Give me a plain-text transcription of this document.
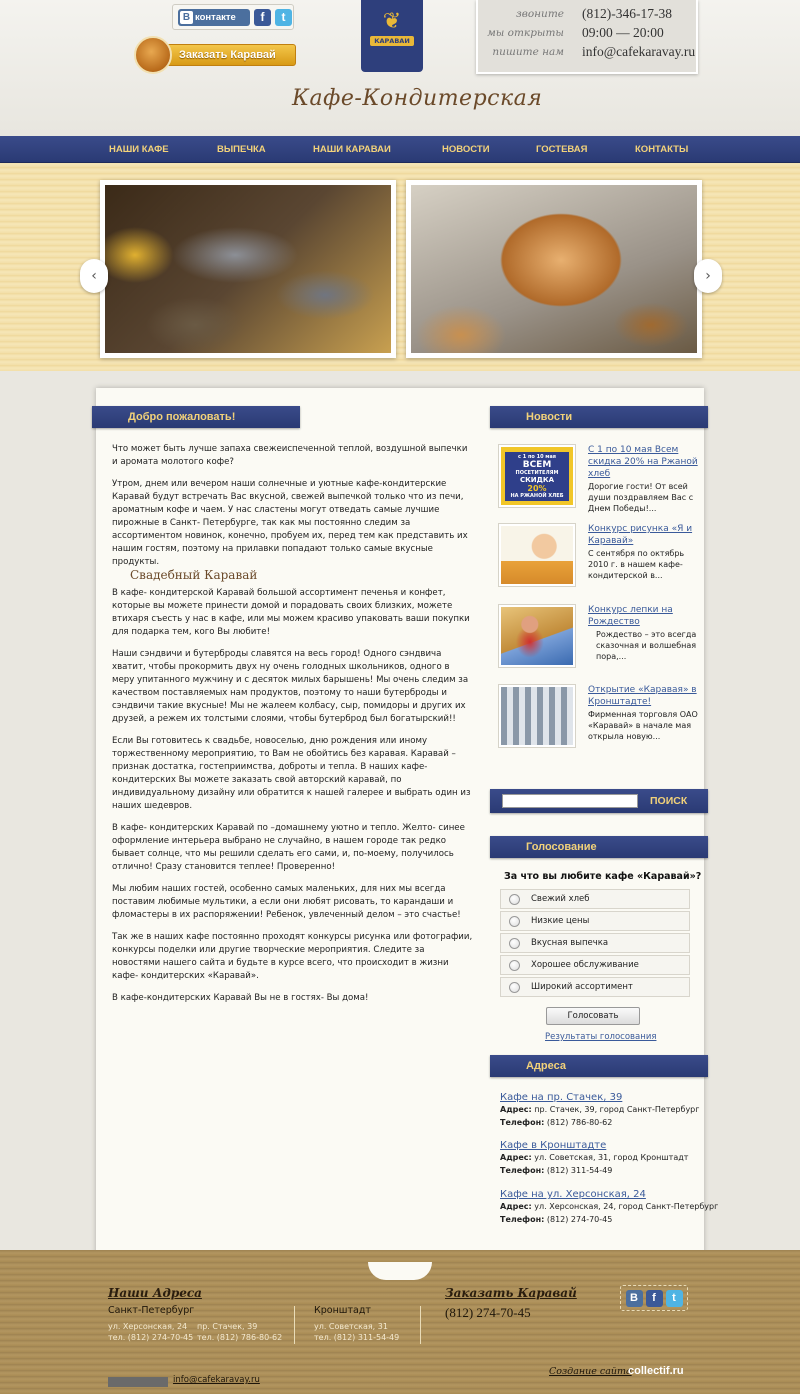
В контакте	f	t
Заказать Каравай
❦
КАРАВАИ
звоните (812)-346-17-38
мы открыты 09:00 — 20:00
пишите нам info@cafekaravay.ru
Кафе-Кондитерская
НАШИ КАФЕ	ВЫПЕЧКА	НАШИ КАРАВАИ	НОВОСТИ	ГОСТЕВАЯ	КОНТАКТЫ
‹	›
Добро пожаловать!

Что может быть лучше запаха свежеиспеченной теплой, воздушной выпечки и аромата молотого кофе?

Утром, днем или вечером наши солнечные и уютные кафе-кондитерские Каравай будут встречать Вас вкусной, свежей выпечкой только что из печи, ароматным кофе и чаем. У нас сластены могут отведать самые лучшие пирожные в Санкт- Петербурге, так как мы постоянно следим за ассортиментом новинок, конечно, пробуем их, перед тем как представить их нашим гостям, поэтому на прилавки попадают только самые вкусные продукты.

Свадебный Каравай

В кафе- кондитерской Каравай большой ассортимент печенья и конфет, которые вы можете принести домой и порадовать своих близких, можете втихаря съесть у нас в кафе, или мы можем красиво упаковать ваши покупки для подарка тем, кого Вы любите!

Наши сэндвичи и бутерброды славятся на весь город! Одного сэндвича хватит, чтобы прокормить двух ну очень голодных школьников, одного в меру упитанного мужчину и с десяток милых барышень! Мы очень следим за качеством поставляемых нам продуктов, поэтому то наши бутерброды и сэндвичи такие вкусные! Мы не жалеем колбасу, сыр, помидоры и других их друзей, а режем их толстыми слоями, чтобы бутерброд был богатырский!!

Если Вы готовитесь к свадьбе, новоселью, дню рождения или иному торжественному мероприятию, то Вам не обойтись без каравая. Каравай – признак достатка, гостеприимства, доброты и тепла. В наших кафе- кондитерских Вы можете заказать свой авторский каравай, по индивидуальному дизайну или обратится к нашей галерее и выбрать один из наших шедевров.

В кафе- кондитерских Каравай по –домашнему уютно и тепло. Желто- синее оформление интерьера выбрано не случайно, в нашем городе так редко бывает солнце, что мы решили сделать его сами, и, по-моему, получилось отлично! Сразу становится теплее! Проверенно!

Мы любим наших гостей, особенно самых маленьких, для них мы всегда поставим любимые мультики, а если они любят рисовать, то карандаши и фломастеры в их распоряжении! Ребенок, увлеченный делом – это счастье!

Так же в наших кафе постоянно проходят конкурсы рисунка или фотографии, конкурсы поделки или другие творческие мероприятия. Следите за новостями нашего сайта и будьте в курсе всего, что происходит в жизни кафе- кондитерских «Каравай».

В кафе-кондитерских Каравай Вы не в гостях- Вы дома!

Новости
с 1 по 10 мая
ВСЕМ
ПОСЕТИТЕЛЯМ
СКИДКА
20%
НА РЖАНОЙ ХЛЕБ
С 1 по 10 мая Всем скидка 20% на Ржаной хлеб
Дорогие гости! От всей души поздравляем Вас с Днем Победы!...
Конкурс рисунка «Я и Каравай»
С сентября по октябрь 2010 г. в нашем кафе-кондитерской в...
Конкурс лепки на Рождество
Рождество – это всегда сказочная и волшебная пора,...
Открытие «Каравая» в Кронштадте!
Фирменная торговля ОАО «Каравай» в начале мая открыла новую...
ПОИСК
Голосование
За что вы любите кафе «Каравай»?
Свежий хлеб
Низкие цены
Вкусная выпечка
Хорошее обслуживание
Широкий ассортимент
Голосовать
Результаты голосования
Адреса
Кафе на пр. Стачек, 39
Адрес: пр. Стачек, 39, город Санкт-Петербург
Телефон: (812) 786-80-62
Кафе в Кронштадте
Адрес: ул. Советская, 31, город Кронштадт
Телефон: (812) 311-54-49
Кафе на ул. Херсонская, 24
Адрес: ул. Херсонская, 24, город Санкт-Петербург
Телефон: (812) 274-70-45
Наши Адреса
Санкт-Петербург
ул. Херсонская, 24
тел. (812) 274-70-45
пр. Стачек, 39
тел. (812) 786-80-62
Кронштадт
ул. Советская, 31
тел. (812) 311-54-49
Заказать Каравай
(812) 274-70-45
B	f	t
info@cafekaravay.ru
Создание сайта
collectif.ru
